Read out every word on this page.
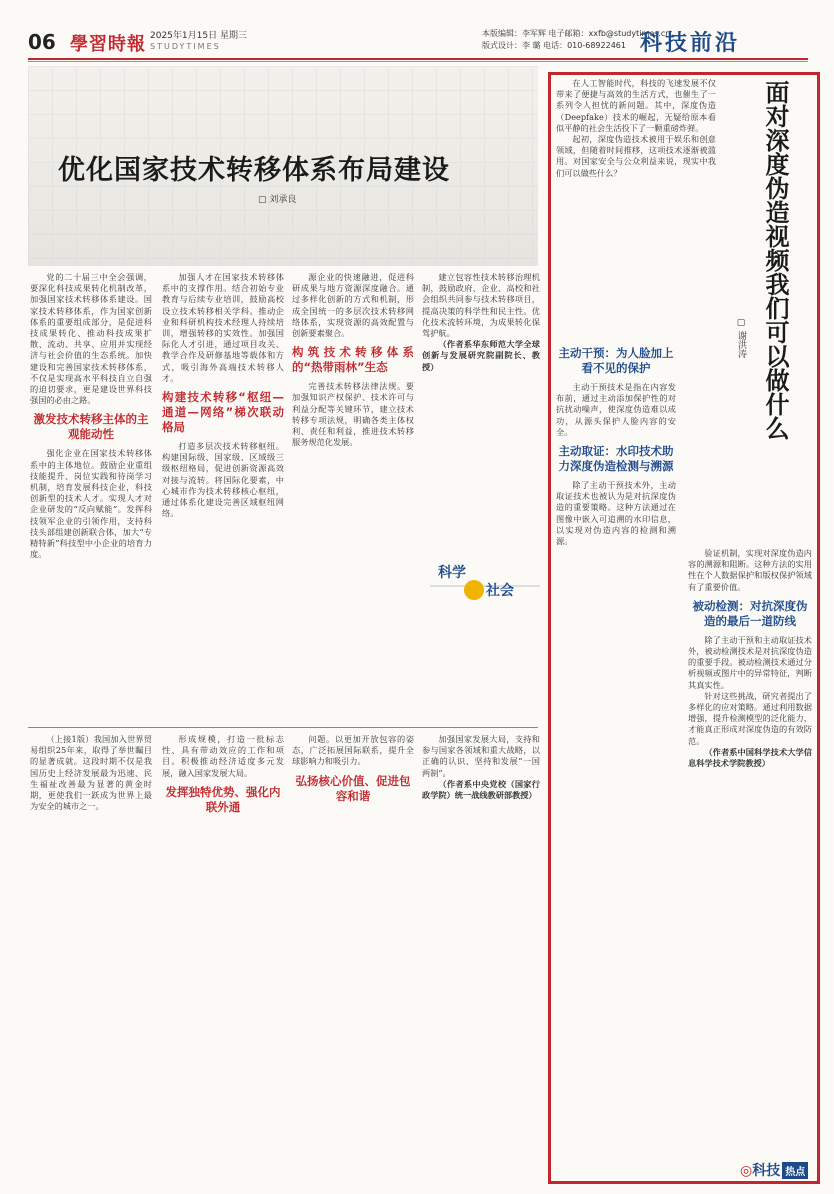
06 學習時報 2025年1月15日 星期三
STUDYTIMES
本版编辑：李军辉 电子邮箱：xxfb@studytimes.cn
版式设计：李 璐 电话：010-68922461 科技前沿
优化国家技术转移体系布局建设
▢ 刘承良

党的二十届三中全会强调，要深化科技成果转化机制改革，加强国家技术转移体系建设。国家技术转移体系，作为国家创新体系的重要组成部分，是促进科技成果转化、推动科技成果扩散、流动、共享、应用并实现经济与社会价值的生态系统。加快建设和完善国家技术转移体系，不仅是实现高水平科技自立自强的迫切要求，更是建设世界科技强国的必由之路。

激发技术转移主体的主观能动性

强化企业在国家技术转移体系中的主体地位。鼓励企业重组技能提升、岗位实践和待岗学习机制，培育发展科技企业，科技创新型的技术人才。实现人才对企业研发的“反向赋能”。发挥科技领军企业的引领作用，支持科技头部组建创新联合体，加大“专精特新”科技型中小企业的培育力度。

加强人才在国家技术转移体系中的支撑作用。结合初始专业教育与后续专业培训，鼓励高校设立技术转移相关学科。推动企业和科研机构技术经理人持续培训，增强转移的实效性。加强国际化人才引进，通过项目攻关、教学合作及研修基地等载体和方式，吸引海外高端技术转移人才。

构建技术转移“枢纽—通道—网络”梯次联动格局

打造多层次技术转移枢纽。构建国际级、国家级、区域级三级枢纽格局，促进创新资源高效对接与流转。将国际化要素，中心城市作为技术转移核心枢纽，通过体系化建设完善区域枢纽网络。

源企业的快速融进，促进科研成果与地方资源深度融合。通过多样化创新的方式和机制，形成全国统一的多层次技术转移网络体系，实现资源的高效配置与创新要素聚合。

构筑技术转移体系的“热带雨林”生态

完善技术转移法律法规。要加强知识产权保护、技术许可与利益分配等关键环节，建立技术转移专项法规，明确各类主体权利、责任和利益，推进技术转移服务规范化发展。

建立包容性技术转移治理机制，鼓励政府、企业、高校和社会组织共同参与技术转移项目，提高决策的科学性和民主性。优化技术流转环境，为成果转化保驾护航。

（作者系华东师范大学全球创新与发展研究院副院长、教授）

科学
社会

（上接1版）我国加入世界贸易组织25年来，取得了举世瞩目的显著成就。这段时期不仅是我国历史上经济发展最为迅速、民生福祉改善最为显著的黄金时期，更使我们一跃成为世界上最为安全的城市之一。

形成规模，打造一批标志性、具有带动效应的工作和项目。积极推动经济适度多元发展，融入国家发展大局。

发挥独特优势、强化内联外通

问题。以更加开放包容的姿态，广泛拓展国际联系，提升全球影响力和吸引力。

弘扬核心价值、促进包容和谐

加强国家发展大局，支持和参与国家各领域和重大战略，以正确的认识、坚持和发展“一国两制”。

（作者系中央党校（国家行政学院）统一战线教研部教授）

面对深度伪造视频我们可以做什么
▢ 谢洪涛

在人工智能时代，科技的飞速发展不仅带来了便捷与高效的生活方式，也催生了一系列令人担忧的新问题。其中，深度伪造（Deepfake）技术的崛起，无疑给原本看似平静的社会生活投下了一颗重磅炸弹。

起初，深度伪造技术被用于娱乐和创意领域，但随着时间推移，这项技术逐渐被滥用。对国家安全与公众利益来说，现实中我们可以做些什么？

主动干预：为人脸加上看不见的保护

主动干预技术是指在内容发布前，通过主动添加保护性的对抗扰动噪声，使深度伪造难以成功，从源头保护人脸内容的安全。

主动取证：水印技术助力深度伪造检测与溯源

除了主动干预技术外，主动取证技术也被认为是对抗深度伪造的重要策略。这种方法通过在图像中嵌入可追溯的水印信息，以实现对伪造内容的检测和溯源。

验证机制，实现对深度伪造内容的溯源和阻断。这种方法的实用性在个人数据保护和版权保护领域有了重要价值。

被动检测：对抗深度伪造的最后一道防线

除了主动干预和主动取证技术外，被动检测技术是对抗深度伪造的重要手段。被动检测技术通过分析视频或图片中的异常特征，判断其真实性。

针对这些挑战，研究者提出了多样化的应对策略。通过利用数据增强，提升检测模型的泛化能力，才能真正形成对深度伪造的有效防范。

（作者系中国科学技术大学信息科学技术学院教授）

◎科技 热点
